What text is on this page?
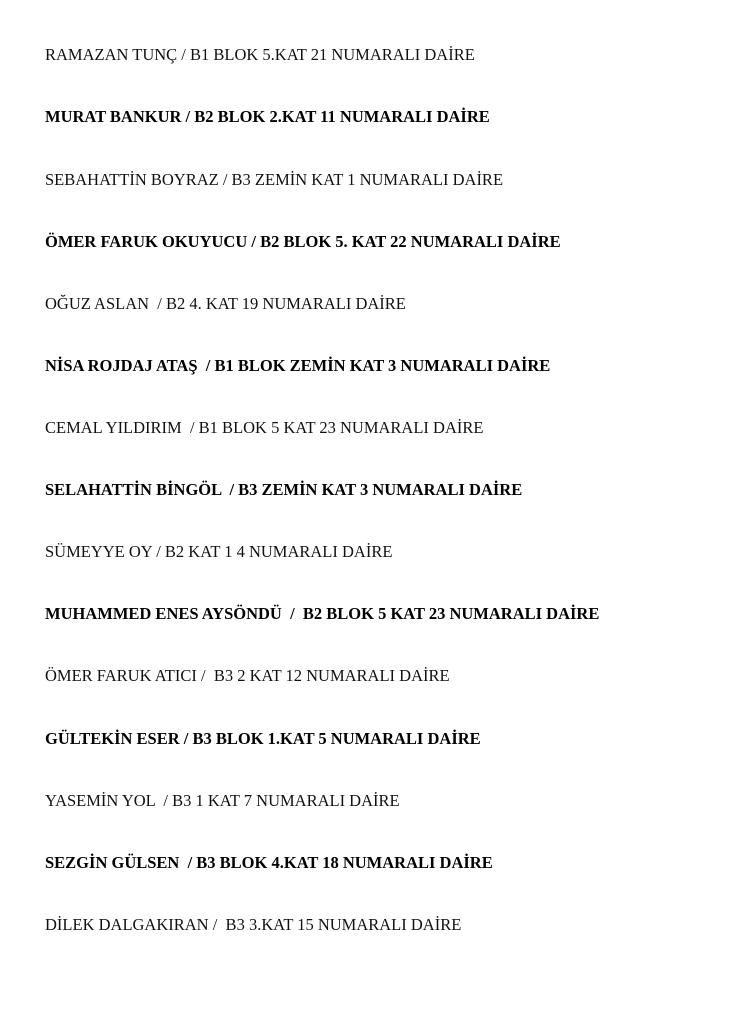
RAMAZAN TUNÇ / B1 BLOK 5.KAT 21 NUMARALI DAİRE
MURAT BANKUR / B2 BLOK 2.KAT 11 NUMARALI DAİRE
SEBAHATTİN BOYRAZ / B3 ZEMİN KAT 1 NUMARALI DAİRE
ÖMER FARUK OKUYUCU / B2 BLOK 5. KAT 22 NUMARALI DAİRE
OĞUZ ASLAN  / B2 4. KAT 19 NUMARALI DAİRE
NİSA ROJDAJ ATAŞ  / B1 BLOK ZEMİN KAT 3 NUMARALI DAİRE
CEMAL YILDIRIM  / B1 BLOK 5 KAT 23 NUMARALI DAİRE
SELAHATTİN BİNGÖL  / B3 ZEMİN KAT 3 NUMARALI DAİRE
SÜMEYYE OY / B2 KAT 1 4 NUMARALI DAİRE
MUHAMMED ENES AYSÖNDÜ  /  B2 BLOK 5 KAT 23 NUMARALI DAİRE
ÖMER FARUK ATICI /  B3 2 KAT 12 NUMARALI DAİRE
GÜLTEKİN ESER / B3 BLOK 1.KAT 5 NUMARALI DAİRE
YASEMİN YOL  / B3 1 KAT 7 NUMARALI DAİRE
SEZGİN GÜLSEN  / B3 BLOK 4.KAT 18 NUMARALI DAİRE
DİLEK DALGAKIRAN /  B3 3.KAT 15 NUMARALI DAİRE
